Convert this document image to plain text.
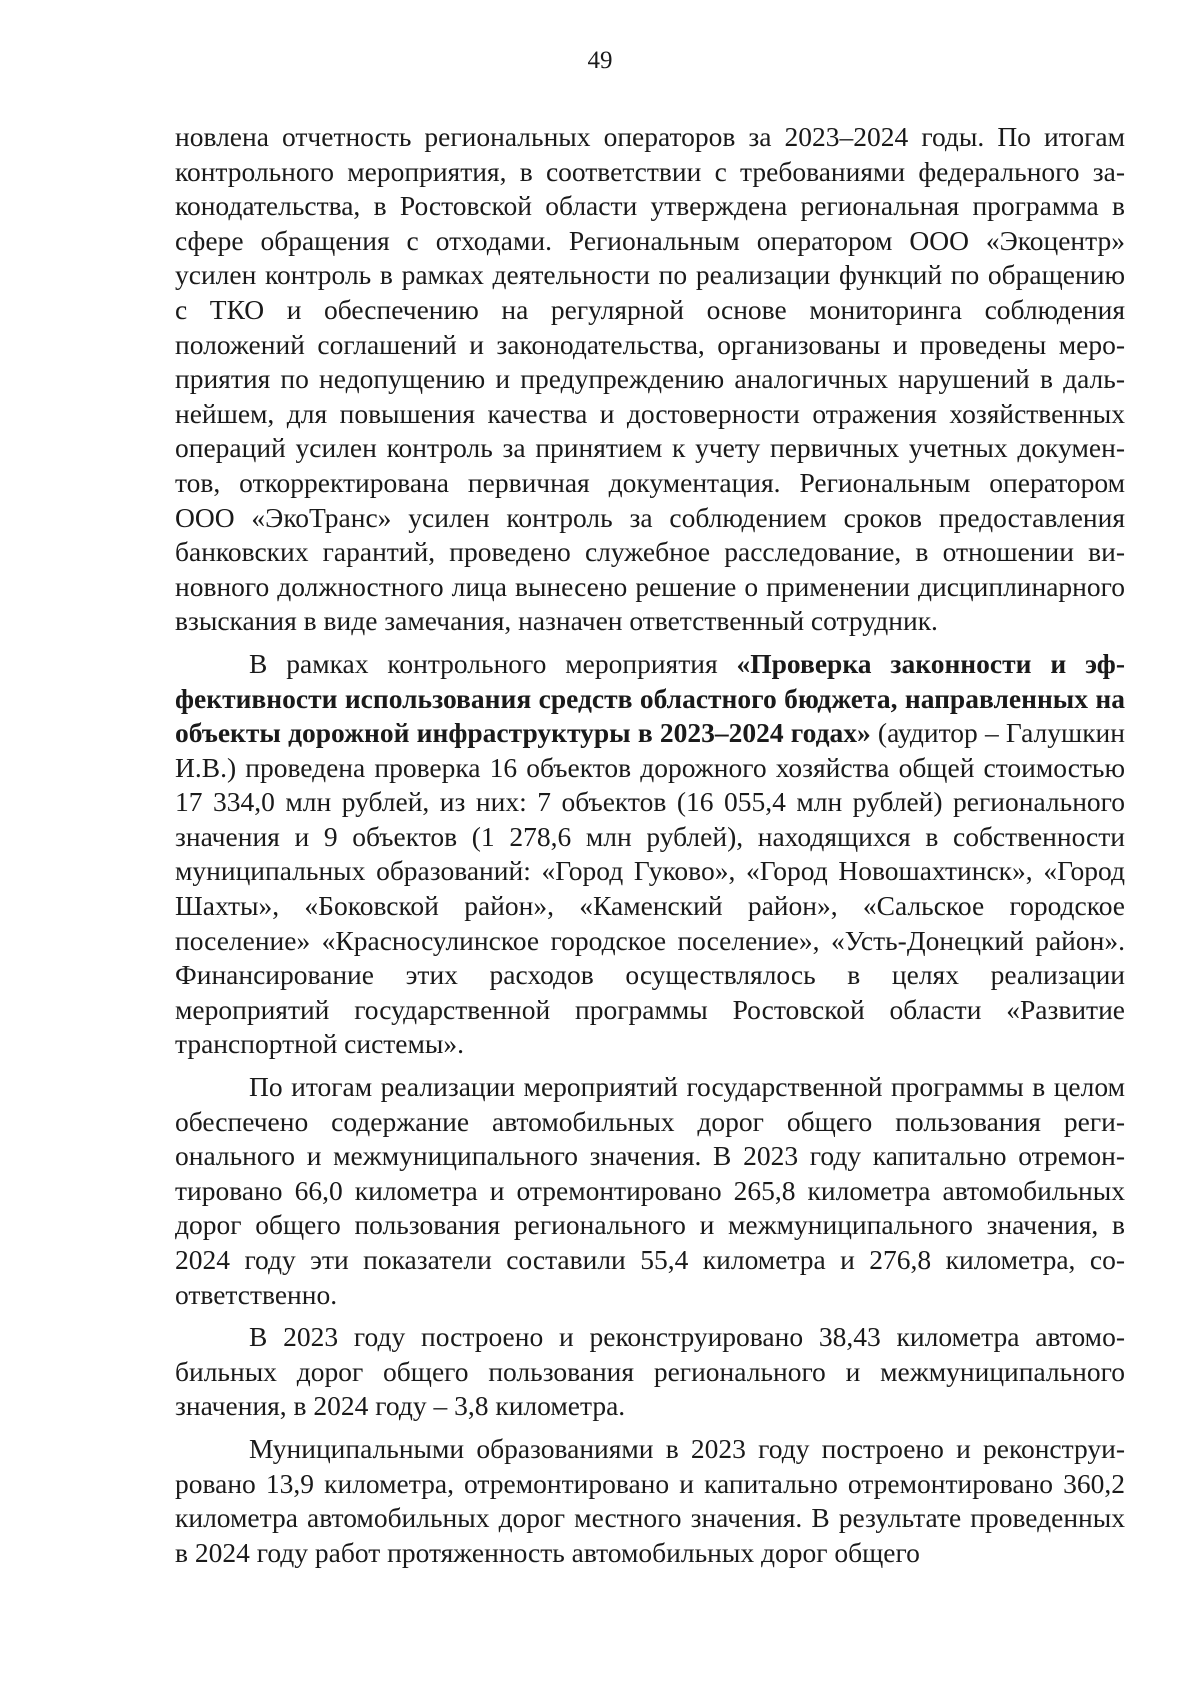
49

новлена отчетность региональных операторов за 2023–2024 годы. По итогам контрольного мероприятия, в соответствии с требованиями федерального законодательства, в Ростовской области утверждена региональная программа в сфере обращения с отходами. Региональным оператором ООО «Экоцентр» усилен контроль в рамках деятельности по реализации функций по обращению с ТКО и обеспечению на регулярной основе мониторинга соблюдения положений соглашений и законодательства, организованы и проведены мероприятия по недопущению и предупреждению аналогичных нарушений в дальнейшем, для повышения качества и достоверности отражения хозяйственных операций усилен контроль за принятием к учету первичных учетных документов, откорректирована первичная документация. Региональным оператором ООО «ЭкоТранс» усилен контроль за соблюдением сроков предоставления банковских гарантий, проведено служебное расследование, в отношении виновного должностного лица вынесено решение о применении дисциплинарного взыскания в виде замечания, назначен ответственный сотрудник.

В рамках контрольного мероприятия «Проверка законности и эффективности использования средств областного бюджета, направленных на объекты дорожной инфраструктуры в 2023–2024 годах» (аудитор – Галушкин И.В.) проведена проверка 16 объектов дорожного хозяйства общей стоимостью 17 334,0 млн рублей, из них: 7 объектов (16 055,4 млн рублей) регионального значения и 9 объектов (1 278,6 млн рублей), находящихся в собственности муниципальных образований: «Город Гуково», «Город Новошахтинск», «Город Шахты», «Боковской район», «Каменский район», «Сальское городское поселение» «Красносулинское городское поселение», «Усть-Донецкий район». Финансирование этих расходов осуществлялось в целях реализации мероприятий государственной программы Ростовской области «Развитие транспортной системы».

По итогам реализации мероприятий государственной программы в целом обеспечено содержание автомобильных дорог общего пользования регионального и межмуниципального значения. В 2023 году капитально отремонтировано 66,0 километра и отремонтировано 265,8 километра автомобильных дорог общего пользования регионального и межмуниципального значения, в 2024 году эти показатели составили 55,4 километра и 276,8 километра, соответственно.

В 2023 году построено и реконструировано 38,43 километра автомобильных дорог общего пользования регионального и межмуниципального значения, в 2024 году – 3,8 километра.

Муниципальными образованиями в 2023 году построено и реконструировано 13,9 километра, отремонтировано и капитально отремонтировано 360,2 километра автомобильных дорог местного значения. В результате проведенных в 2024 году работ протяженность автомобильных дорог общего
